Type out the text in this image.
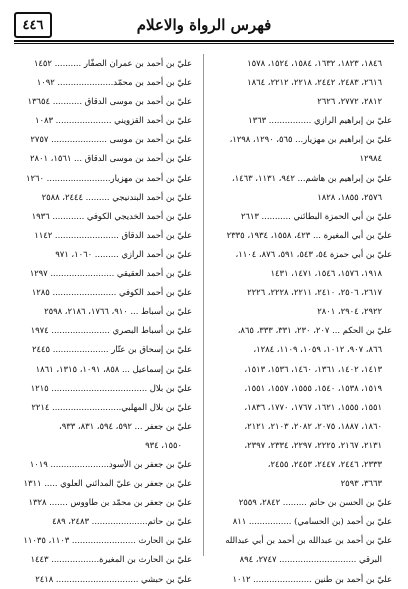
فهرس الرواة والاعلام
٤٤٦
١٨٤٦، ١٨٢٣، ١٦٣٢، ١٥٨٤، ١٥٢٤، ١٥٧٨
٢٦١٦، ٢٤٨٣، ٢٤٤٢، ٢٢١٨، ٢٢١٢، ١٨٦٤
٢٨١٢، ٢٧٧٢، ٢٦٢٦
عليّ بن إبراهيم الرازي ................ ١٣٦٣
عليّ بن إبراهيم بن مهزيار... ٥٦٥، ١٢٩٠، ١٢٩٨،
١٢٩٨٤
عليّ بن إبراهيم بن هاشم... ٩٤٢، ١١٣١، ١٤٦٣،
٢٥٧٦، ١٨٥٥، ١٨٢٨
عليّ بن أبي الحمزة البطائني ........... ٢٦١٣
عليّ بن أبي المغيرة ... ٤٢٣، ١٥٥٨، ١٩٣٤، ٢٣٣٥
عليّ بن أبي حمزة ٥٤، ٥٤٣، ٥٩١، ٨٧٦، ١١٠٤،
١٩١٨، ١٥٧٦، ١٥٤٦، ١٤٧١، ١٤٣١
٢٦١٧، ٢٥٠٦، ٢٤١٠، ٢٢١١، ٢٢٢٨، ٢٢٢٦
٢٩٢٢، ٢٩٠٤، ٢٨٠١
عليّ بن الحكم ... ٢٠٧، ٢٣٠، ٣٣١، ٣٣٣، ٨٦٥،
٨٦٦، ٩٠٧، ١٠١٢، ١٠٥٩، ١١٠٩، ١٢٨٤،
١٤١٣، ١٤٠٢، ١٣٦١، ١٤٦٠، ١٥٣٦، ١٥١٣،
١٥١٩، ١٥٣٨، ١٥٤٠، ١٥٥٥، ١٥٥٧، ١٥٥١،
١٥٥١، ١٥٥٥، ١٦٢١، ١٧٦٧، ١٧٧٠، ١٨٣٦،
١٨٦٠، ١٨٨٧، ٢٠٧٥، ٢٠٨٢، ٢١٠٣، ٢١٢١،
٢١٣١، ٢١٦٧، ٢٢٢٥، ٢٢٩٧، ٢٣٣٤، ٢٣٩٧،
٢٣٣٣، ٢٤٤٦، ٢٤٤٧، ٢٤٥٣، ٢٤٥٥،
٣٦٦٣، ٢٥٩٣
عليّ بن الحسن بن حاتم ......... ٢٨٤٢، ٢٥٥٩
عليّ بن أحمد (بن الحسامي) ................ ٨١١
عليّ بن أحمد بن عبدالله بن أحمد بن أبي عبدالله
البرقي ............................. ٢٧٤٧، ٨٩٤
عليّ بن أحمد بن طنين ...................... ١٠١٢
عليّ بن أحمد بن عمران الصفّار .......... ١٤٥٢
عليّ بن أحمد بن محمّد..................... ١٠٩٢
عليّ بن أحمد بن موسى الدقاق ........... ١٣٦٥٤
عليّ بن أحمد القزويني ..................... ١٠٨٣
عليّ بن أحمد بن موسى ..................... ٢٧٥٧
عليّ بن أحمد بن موسى الدقاق ... ١٥٦١، ٢٨٠١
عليّ بن أحمد بن مهزيار........................ ١٢٦٠
عليّ بن أحمد البندنيجي ......... ٢٤٤٤، ٢٥٨٨
عليّ بن أحمد الخديجي الكوفي ............ ١٩٣٦
عليّ بن أحمد الدقاق ........................ ١١٤٢
عليّ بن أحمد الرازي ......... ١٠٦٠، ٩٧١
عليّ بن أحمد العقيقي ........................ ١٢٩٧
عليّ بن أحمد الكوفي ........................ ١٢٨٥
عليّ بن أسباط ... ٩١٠، ١٧٦٦، ٢١٨٦، ٢٥٩٨
عليّ بن أسباط البصري ...................... ١٩٧٤
عليّ بن إسحاق بن عتّار ..................... ٢٤٤٥
عليّ بن إسماعيل ... ٨٥٨، ١٠٩١، ١٣١٥، ١٨٦١
عليّ بن بلال .................................... ١٢١٥
عليّ بن بلال المهلبي.......................... ٢٢١٤
عليّ بن جعفر ... ٥٩٢، ٥٩٤، ٨٣١، ٩٣٣،
١٥٥٠، ٩٣٤
عليّ بن جعفر بن الأسود...................... ١٠١٩
عليّ بن جعفر بن عليّ المدائني العلوي ..... ١٣١١
عليّ بن جعفر بن محمّد بن طاووس ....... ١٣٢٨
عليّ بن حاتم..................... ٢٤٨٣، ٤٨٩
عليّ بن الحارث ........................ ١١٠٣، ١١٠٣٥
عليّ بن الحارث بن المغيرة.................. ١٤٤٣
عليّ بن حبشي ............................... ٢٤١٨
